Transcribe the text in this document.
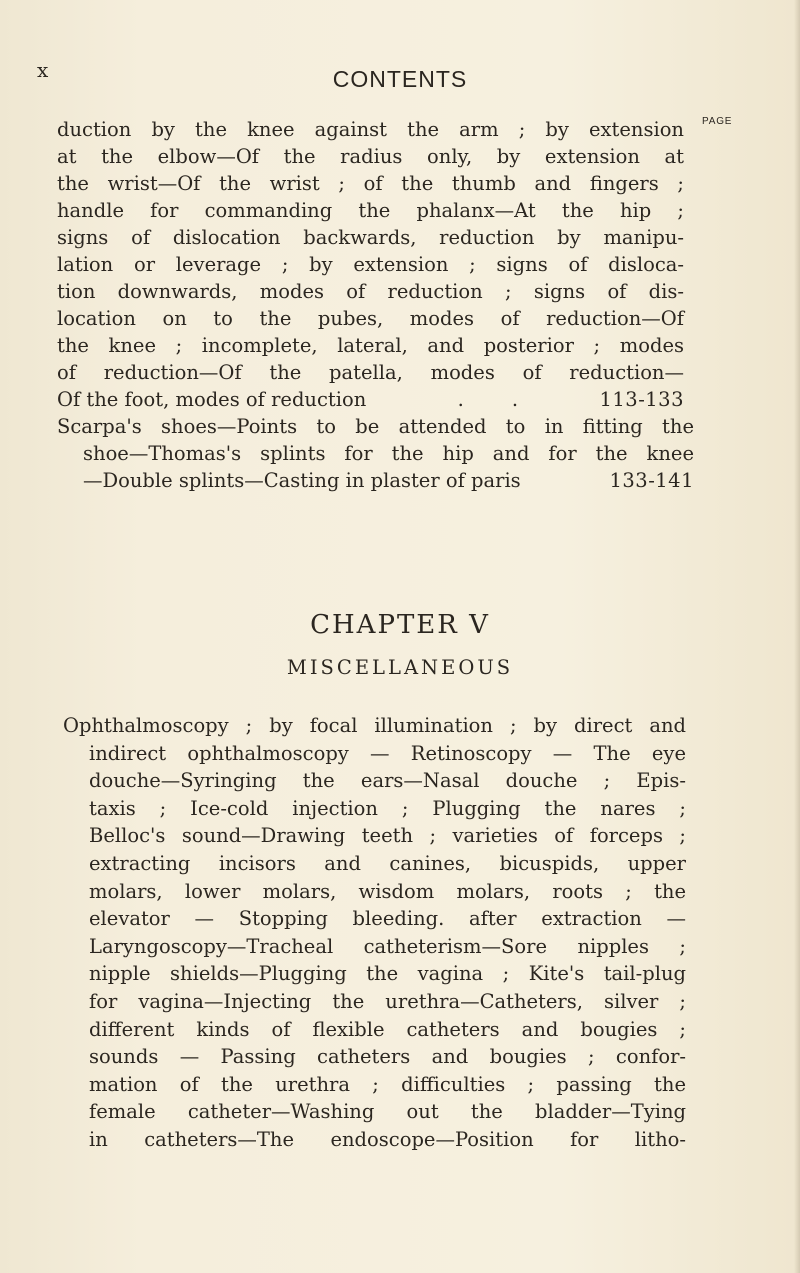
x	CONTENTS
PAGE
duction by the knee against the arm ; by extension
at the elbow—Of the radius only, by extension at
the wrist—Of the wrist ; of the thumb and fingers ;
handle for commanding the phalanx—At the hip ;
signs of dislocation backwards, reduction by manipu-
lation or leverage ; by extension ; signs of disloca-
tion downwards, modes of reduction ; signs of dis-
location on to the pubes, modes of reduction—Of
the knee ; incomplete, lateral, and posterior ; modes
of reduction—Of the patella, modes of reduction—
Of the foot, modes of reduction	. .	113-133
Scarpa's shoes—Points to be attended to in fitting the
shoe—Thomas's splints for the hip and for the knee
—Double splints—Casting in plaster of paris	133-141
CHAPTER V
MISCELLANEOUS
Ophthalmoscopy ; by focal illumination ; by direct and
indirect ophthalmoscopy — Retinoscopy — The eye
douche—Syringing the ears—Nasal douche ; Epis-
taxis ; Ice-cold injection ; Plugging the nares ;
Belloc's sound—Drawing teeth ; varieties of forceps ;
extracting incisors and canines, bicuspids, upper
molars, lower molars, wisdom molars, roots ; the
elevator — Stopping bleeding. after extraction —
Laryngoscopy—Tracheal catheterism—Sore nipples ;
nipple shields—Plugging the vagina ; Kite's tail-plug
for vagina—Injecting the urethra—Catheters, silver ;
different kinds of flexible catheters and bougies ;
sounds — Passing catheters and bougies ; confor-
mation of the urethra ; difficulties ; passing the
female catheter—Washing out the bladder—Tying
in catheters—The endoscope—Position for litho-
